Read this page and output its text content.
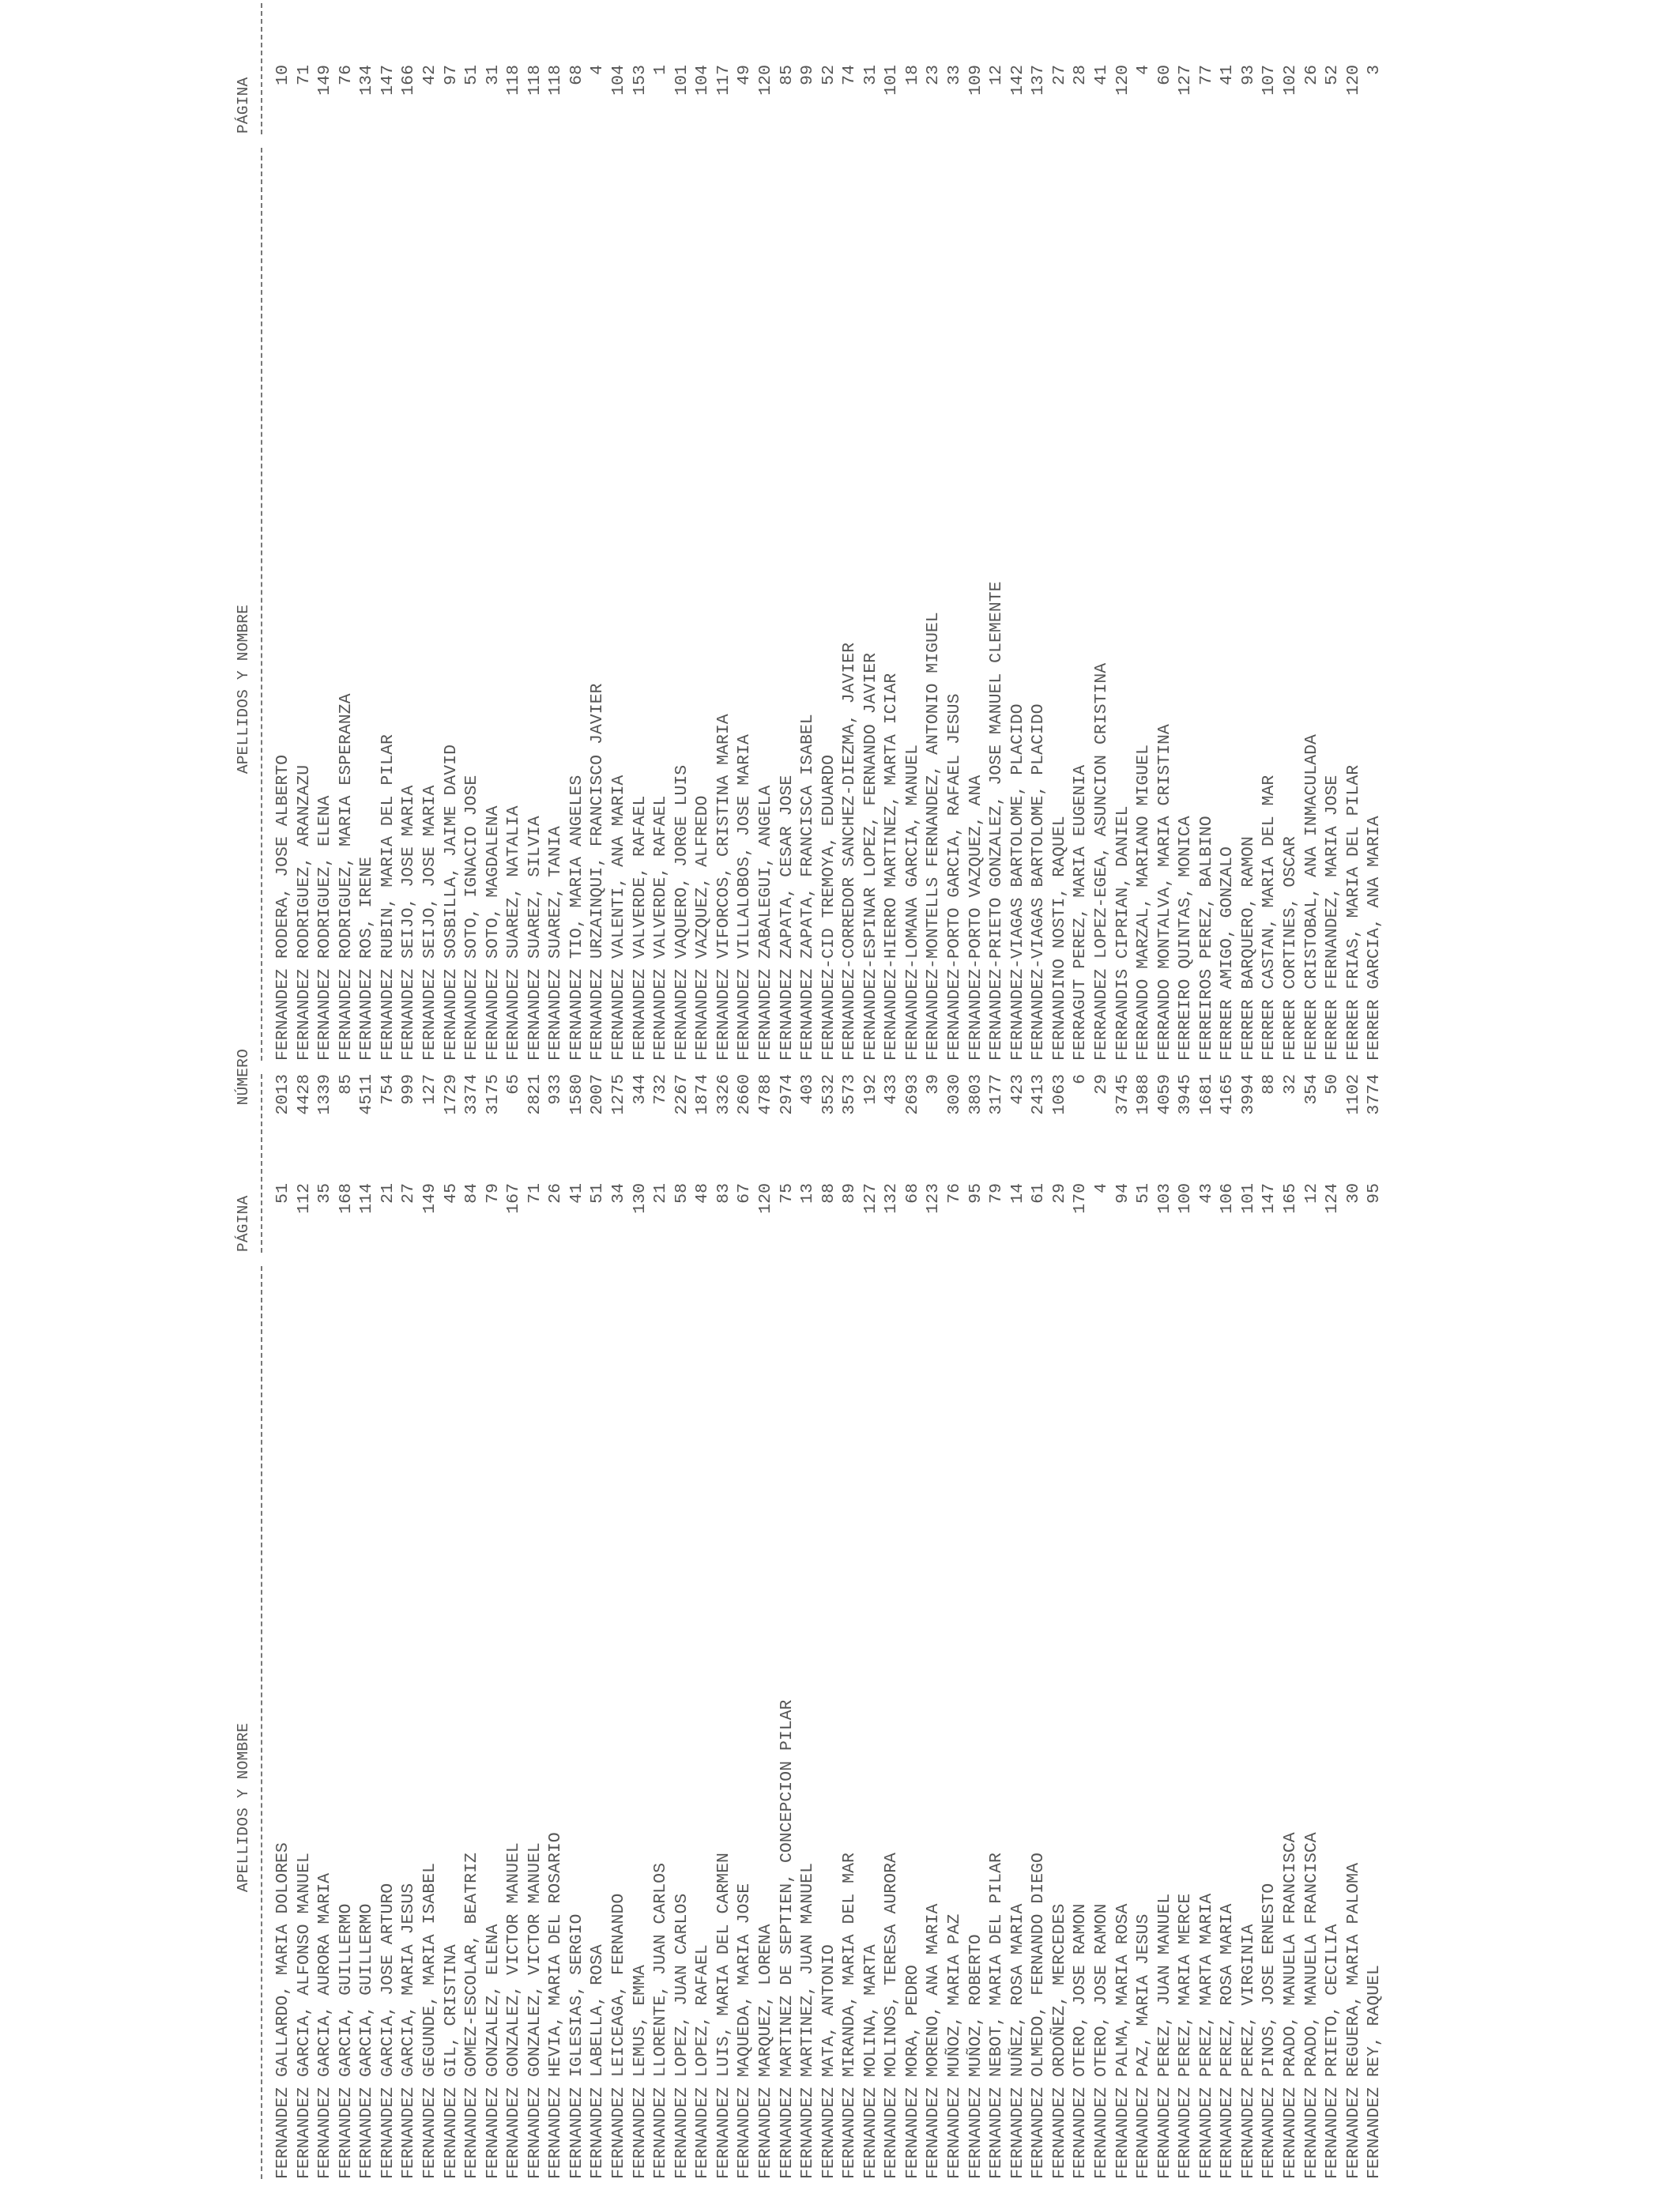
APELLIDOS Y NOMBRE
PÁGINA
NÚMERO
FERNANDEZ GALLARDO, MARIA DOLORES
51
2013
FERNANDEZ GARCIA, ALFONSO MANUEL
112
4428
FERNANDEZ GARCIA, AURORA MARIA
35
1339
FERNANDEZ GARCIA, GUILLERMO
168
85
FERNANDEZ GARCIA, GUILLERMO
114
4511
FERNANDEZ GARCIA, JOSE ARTURO
21
754
FERNANDEZ GARCIA, MARIA JESUS
27
999
FERNANDEZ GEGUNDE, MARIA ISABEL
149
127
FERNANDEZ GIL, CRISTINA
45
1729
FERNANDEZ GOMEZ-ESCOLAR, BEATRIZ
84
3374
FERNANDEZ GONZALEZ, ELENA
79
3175
FERNANDEZ GONZALEZ, VICTOR MANUEL
167
65
FERNANDEZ GONZALEZ, VICTOR MANUEL
71
2821
FERNANDEZ HEVIA, MARIA DEL ROSARIO
26
933
FERNANDEZ IGLESIAS, SERGIO
41
1580
FERNANDEZ LABELLA, ROSA
51
2007
FERNANDEZ LEICEAGA, FERNANDO
34
1275
FERNANDEZ LEMUS, EMMA
130
344
FERNANDEZ LLORENTE, JUAN CARLOS
21
732
FERNANDEZ LOPEZ, JUAN CARLOS
58
2267
FERNANDEZ LOPEZ, RAFAEL
48
1874
FERNANDEZ LUIS, MARIA DEL CARMEN
83
3326
FERNANDEZ MAQUEDA, MARIA JOSE
67
2660
FERNANDEZ MARQUEZ, LORENA
120
4788
FERNANDEZ MARTINEZ DE SEPTIEN, CONCEPCION PILAR
75
2974
FERNANDEZ MARTINEZ, JUAN MANUEL
13
403
FERNANDEZ MATA, ANTONIO
88
3532
FERNANDEZ MIRANDA, MARIA DEL MAR
89
3573
FERNANDEZ MOLINA, MARTA
127
192
FERNANDEZ MOLINOS, TERESA AURORA
132
433
FERNANDEZ MORA, PEDRO
68
2693
FERNANDEZ MORENO, ANA MARIA
123
39
FERNANDEZ MUÑOZ, MARIA PAZ
76
3030
FERNANDEZ MUÑOZ, ROBERTO
95
3803
FERNANDEZ NEBOT, MARIA DEL PILAR
79
3177
FERNANDEZ NUÑEZ, ROSA MARIA
14
423
FERNANDEZ OLMEDO, FERNANDO DIEGO
61
2413
FERNANDEZ ORDOÑEZ, MERCEDES
29
1063
FERNANDEZ OTERO, JOSE RAMON
170
6
FERNANDEZ OTERO, JOSE RAMON
4
29
FERNANDEZ PALMA, MARIA ROSA
94
3745
FERNANDEZ PAZ, MARIA JESUS
51
1988
FERNANDEZ PEREZ, JUAN MANUEL
103
4059
FERNANDEZ PEREZ, MARIA MERCE
100
3945
FERNANDEZ PEREZ, MARTA MARIA
43
1681
FERNANDEZ PEREZ, ROSA MARIA
106
4165
FERNANDEZ PEREZ, VIRGINIA
101
3994
FERNANDEZ PINOS, JOSE ERNESTO
147
88
FERNANDEZ PRADO, MANUELA FRANCISCA
165
32
FERNANDEZ PRADO, MANUELA FRANCISCA
12
354
FERNANDEZ PRIETO, CECILIA
124
50
FERNANDEZ REGUERA, MARIA PALOMA
30
1102
FERNANDEZ REY, RAQUEL
95
3774
APELLIDOS Y NOMBRE
PÁGINA
FERNANDEZ RODERA, JOSE ALBERTO
10
FERNANDEZ RODRIGUEZ, ARANZAZU
71
FERNANDEZ RODRIGUEZ, ELENA
149
FERNANDEZ RODRIGUEZ, MARIA ESPERANZA
76
FERNANDEZ ROS, IRENE
134
FERNANDEZ RUBIN, MARIA DEL PILAR
147
FERNANDEZ SEIJO, JOSE MARIA
166
FERNANDEZ SEIJO, JOSE MARIA
42
FERNANDEZ SOSBILLA, JAIME DAVID
97
FERNANDEZ SOTO, IGNACIO JOSE
51
FERNANDEZ SOTO, MAGDALENA
31
FERNANDEZ SUAREZ, NATALIA
118
FERNANDEZ SUAREZ, SILVIA
118
FERNANDEZ SUAREZ, TANIA
118
FERNANDEZ TIO, MARIA ANGELES
68
FERNANDEZ URZAINQUI, FRANCISCO JAVIER
4
FERNANDEZ VALENTI, ANA MARIA
104
FERNANDEZ VALVERDE, RAFAEL
153
FERNANDEZ VALVERDE, RAFAEL
1
FERNANDEZ VAQUERO, JORGE LUIS
101
FERNANDEZ VAZQUEZ, ALFREDO
104
FERNANDEZ VIFORCOS, CRISTINA MARIA
117
FERNANDEZ VILLALOBOS, JOSE MARIA
49
FERNANDEZ ZABALEGUI, ANGELA
120
FERNANDEZ ZAPATA, CESAR JOSE
85
FERNANDEZ ZAPATA, FRANCISCA ISABEL
99
FERNANDEZ-CID TREMOYA, EDUARDO
52
FERNANDEZ-CORREDOR SANCHEZ-DIEZMA, JAVIER
74
FERNANDEZ-ESPINAR LOPEZ, FERNANDO JAVIER
31
FERNANDEZ-HIERRO MARTINEZ, MARTA ICIAR
101
FERNANDEZ-LOMANA GARCIA, MANUEL
18
FERNANDEZ-MONTELLS FERNANDEZ, ANTONIO MIGUEL
23
FERNANDEZ-PORTO GARCIA, RAFAEL JESUS
33
FERNANDEZ-PORTO VAZQUEZ, ANA
109
FERNANDEZ-PRIETO GONZALEZ, JOSE MANUEL CLEMENTE
12
FERNANDEZ-VIAGAS BARTOLOME, PLACIDO
142
FERNANDEZ-VIAGAS BARTOLOME, PLACIDO
137
FERNANDINO NOSTI, RAQUEL
27
FERRAGUT PEREZ, MARIA EUGENIA
28
FERRANDEZ LOPEZ-EGEA, ASUNCION CRISTINA
41
FERRANDIS CIPRIAN, DANIEL
120
FERRANDO MARZAL, MARIANO MIGUEL
4
FERRANDO MONTALVA, MARIA CRISTINA
60
FERREIRO QUINTAS, MONICA
127
FERREIROS PEREZ, BALBINO
77
FERRER AMIGO, GONZALO
41
FERRER BARQUERO, RAMON
93
FERRER CASTAN, MARIA DEL MAR
107
FERRER CORTINES, OSCAR
102
FERRER CRISTOBAL, ANA INMACULADA
26
FERRER FERNANDEZ, MARIA JOSE
52
FERRER FRIAS, MARIA DEL PILAR
120
FERRER GARCIA, ANA MARIA
3
